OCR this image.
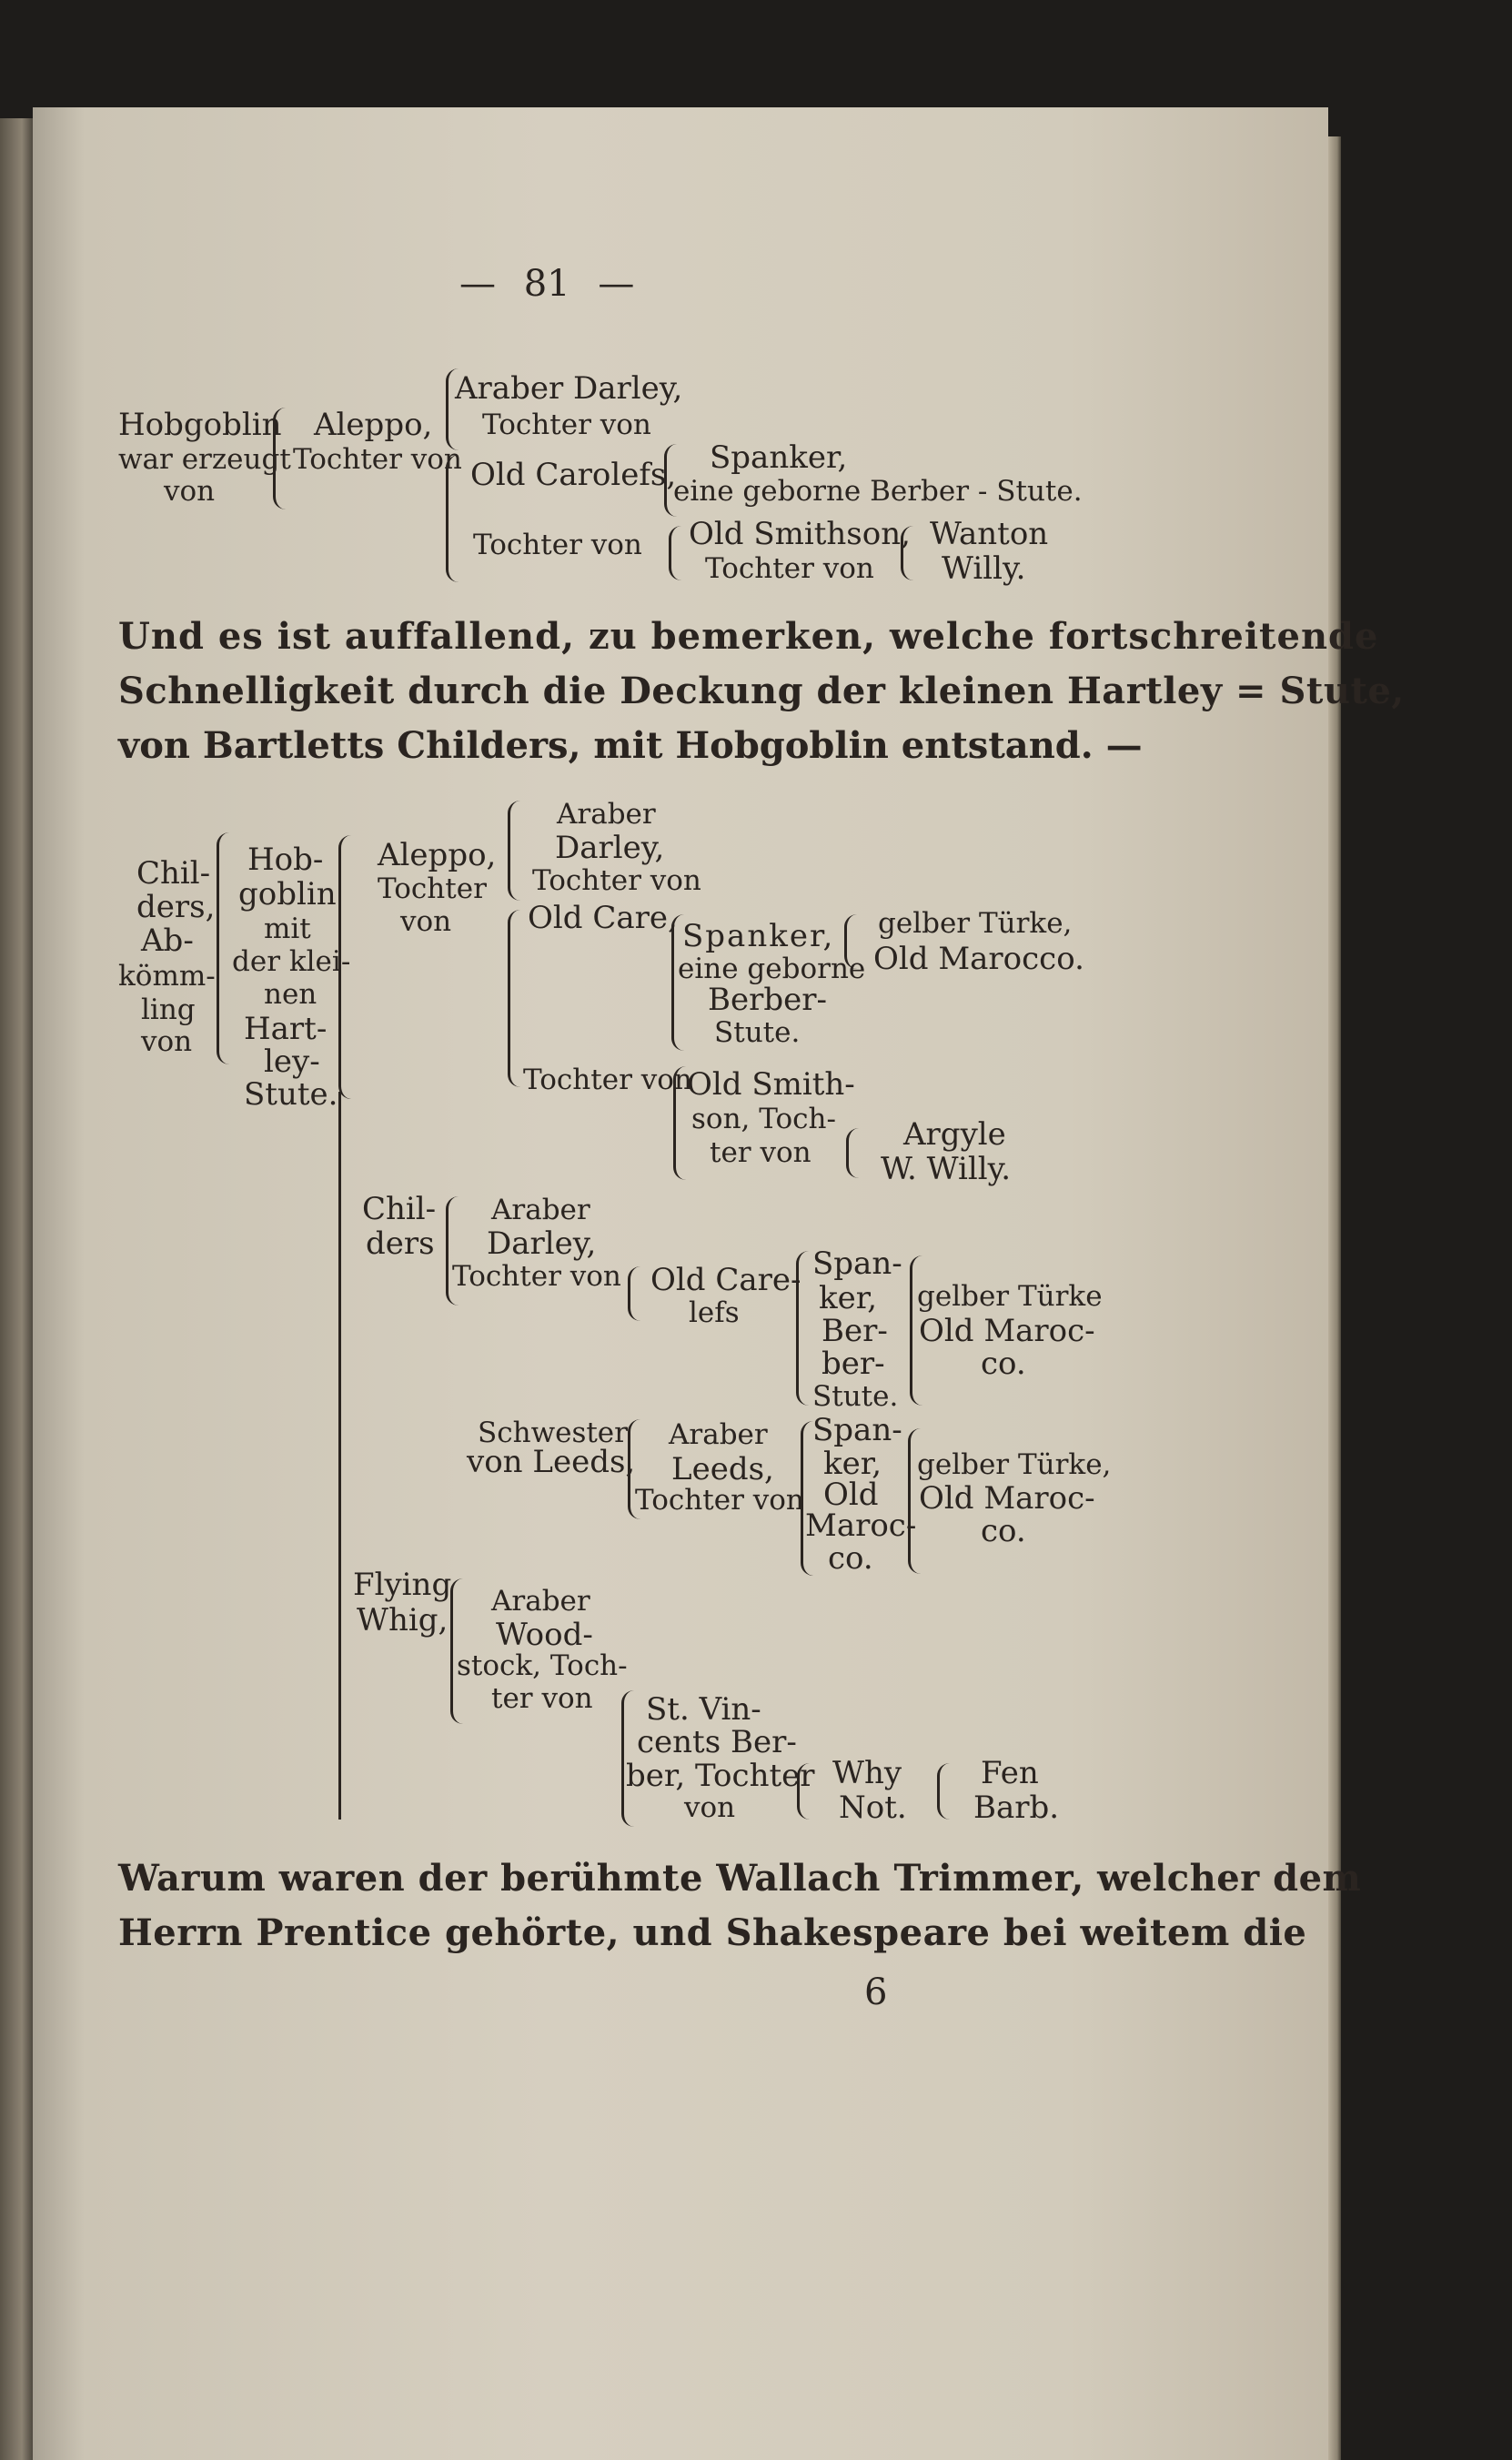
— 81 —
Hobgoblin
war erzeugt
von
Aleppo,
Tochter von
Araber Darley,
Tochter von
Old Carolefs, Spanker,
eine geborne Berber - Stute.
Tochter von Old Smithson,
Tochter von
Wanton
Willy.
Und es ist auffallend, zu bemerken, welche fortschreitende
Schnelligkeit durch die Deckung der kleinen Hartley = Stute,
von Bartletts Childers, mit Hobgoblin entstand. —
Chil-
ders,
Ab-
kömm-
ling
von
Hob-
goblin
mit
der klei-
nen
Hart-
ley-
Stute.
Aleppo,
Tochter
von
Araber
Darley,
Tochter von
Old Care, Spanker,
eine geborne
Berber-
Stute.
gelber Türke,
Old Marocco.
Tochter von
Old Smith-
son, Toch-
ter von	Argyle
W. Willy.
Chil-
ders
Araber
Darley,
Tochter von Old Care-
lefs
Span-
ker,
Ber-
ber-
Stute.
gelber Türke
Old Maroc-
co.
Schwester
von Leeds,
Araber
Leeds,
Tochter von
Span-
ker,
Old
Maroc-
co.
gelber Türke,
Old Maroc-
co.
Flying
Whig,
Araber
Wood-
stock, Toch-
ter von St. Vin-
cents Ber-
ber, Tochter
von
Why
Not.
Fen
Barb.
Warum waren der berühmte Wallach Trimmer, welcher dem
Herrn Prentice gehörte, und Shakespeare bei weitem die
6
